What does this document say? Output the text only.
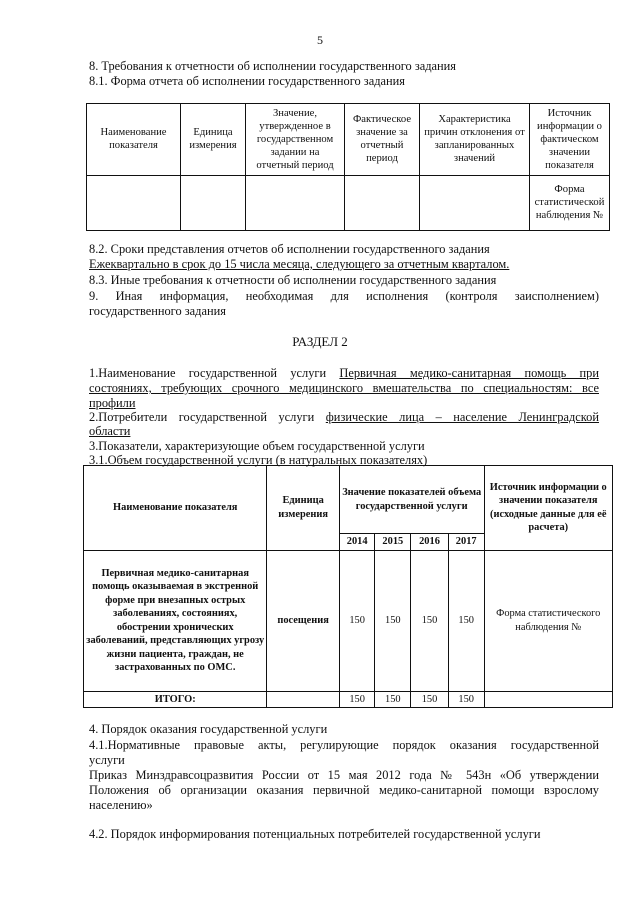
5
8. Требования к отчетности об исполнении государственного задания
8.1. Форма отчета об исполнении государственного задания
Наименование показателя	Единица измерения	Значение, утвержденное в государственном задании на отчетный период	Фактическое значение за отчетный период	Характеристика причин отклонения от запланированных значений	Источник информации о фактическом значении показателя
					Форма статистической наблюдения №
8.2. Сроки представления отчетов об исполнении государственного задания
Ежеквартально в срок до 15 числа месяца, следующего за отчетным кварталом.
8.3. Иные требования к отчетности об исполнении государственного задания
9. Иная информация, необходимая для исполнения (контроля заисполнением)
государственного задания
РАЗДЕЛ 2
1.Наименование государственной услуги Первичная медико-санитарная помощь при
состояниях, требующих срочного медицинского вмешательства по специальностям: все
профили
2.Потребители государственной услуги физические лица – население Ленинградской
области
3.Показатели, характеризующие объем государственной услуги
3.1.Объем государственной услуги (в натуральных показателях)
Наименование показателя	Единица измерения	Значение показателей объема государственной услуги				Источник информации о значении показателя (исходные данные для её расчета)
		2014	2015	2016	2017	
Первичная медико-санитарная помощь оказываемая в экстренной форме при внезапных острых заболеваниях, состояниях, обострении хронических заболеваний, представляющих угрозу жизни пациента, граждан, не застрахованных по ОМС.	посещения	150	150	150	150	Форма статистического наблюдения №
ИТОГО:		150	150	150	150	
4. Порядок оказания государственной услуги
4.1.Нормативные правовые акты, регулирующие порядок оказания государственной
услуги
Приказ Минздравсоцразвития России от 15 мая 2012 года № 543н «Об утверждении
Положения об организации оказания первичной медико-санитарной помощи взрослому
населению»
4.2. Порядок информирования потенциальных потребителей государственной услуги
